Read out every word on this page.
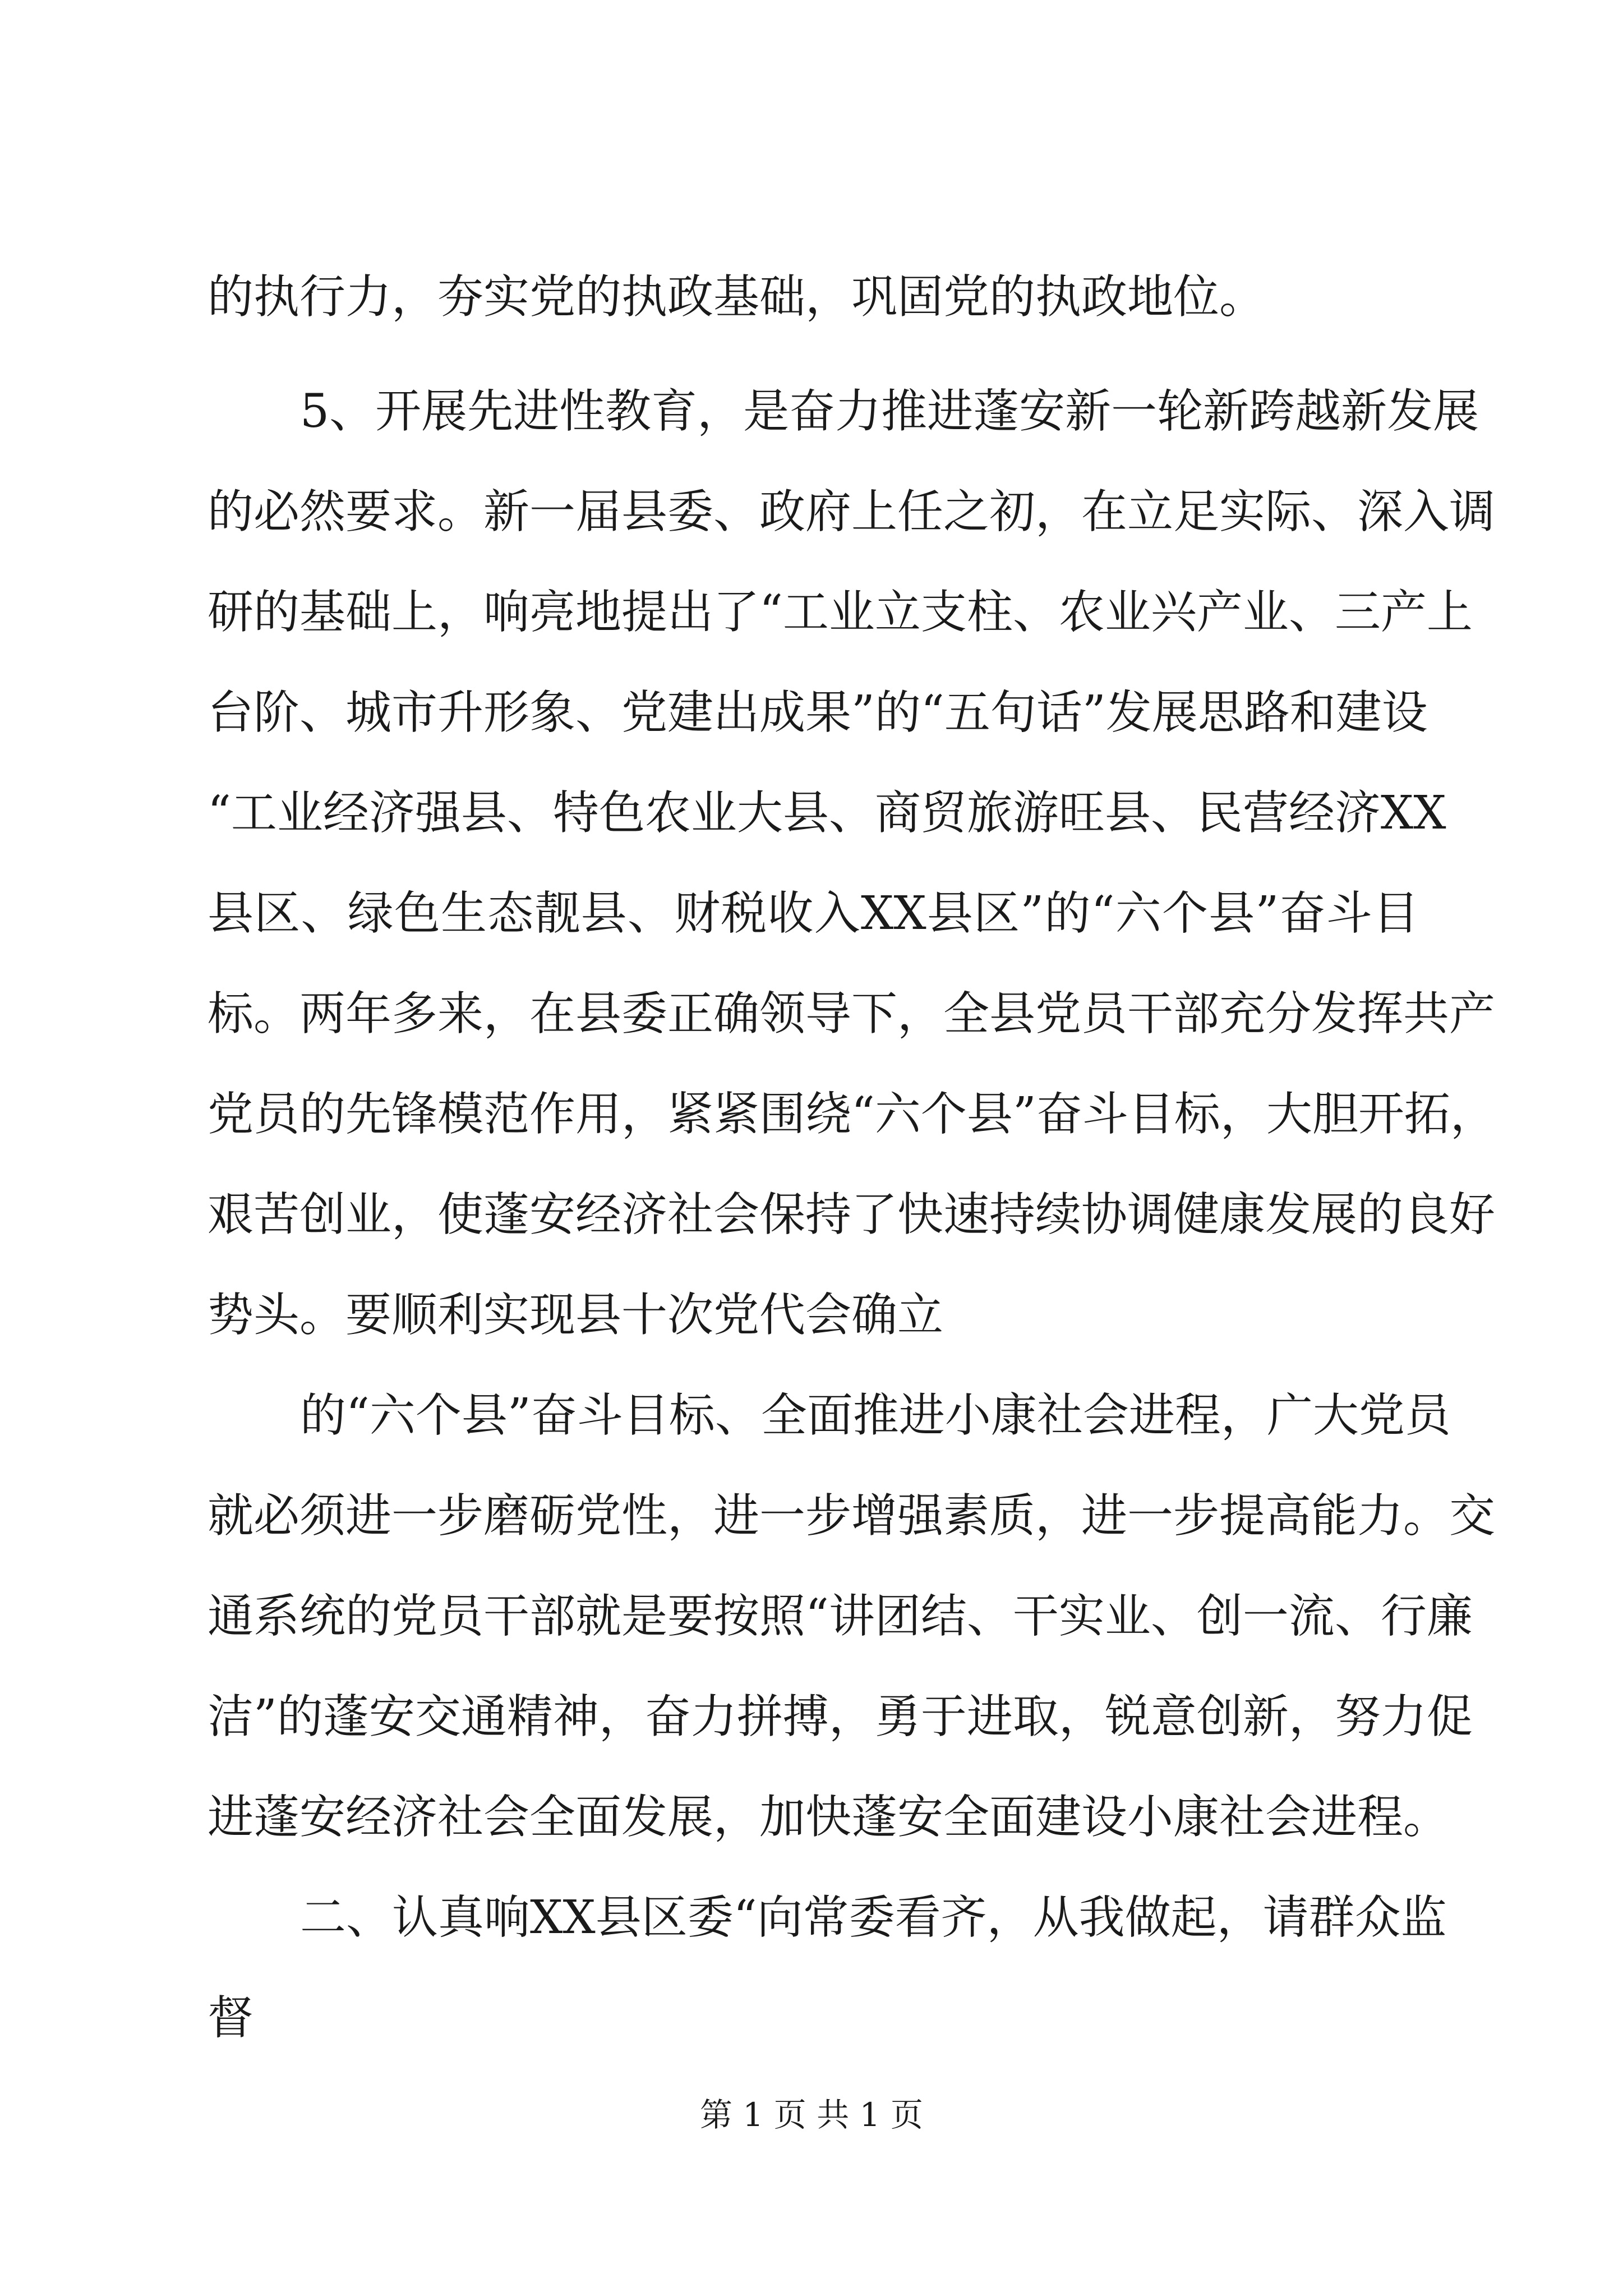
的执行力，夯实党的执政基础，巩固党的执政地位。
5、开展先进性教育，是奋力推进蓬安新一轮新跨越新发展
的必然要求。新一届县委、政府上任之初，在立足实际、深入调
研的基础上，响亮地提出了“工业立支柱、农业兴产业、三产上
台阶、城市升形象、党建出成果”的“五句话”发展思路和建设
“工业经济强县、特色农业大县、商贸旅游旺县、民营经济XX
县区、绿色生态靓县、财税收入XX县区”的“六个县”奋斗目
标。两年多来，在县委正确领导下，全县党员干部充分发挥共产
党员的先锋模范作用，紧紧围绕“六个县”奋斗目标，大胆开拓，
艰苦创业，使蓬安经济社会保持了快速持续协调健康发展的良好
势头。要顺利实现县十次党代会确立
的“六个县”奋斗目标、全面推进小康社会进程，广大党员
就必须进一步磨砺党性，进一步增强素质，进一步提高能力。交
通系统的党员干部就是要按照“讲团结、干实业、创一流、行廉
洁”的蓬安交通精神，奋力拼搏，勇于进取，锐意创新，努力促
进蓬安经济社会全面发展，加快蓬安全面建设小康社会进程。
二、认真响XX县区委“向常委看齐，从我做起，请群众监
督
第 1 页 共 1 页
